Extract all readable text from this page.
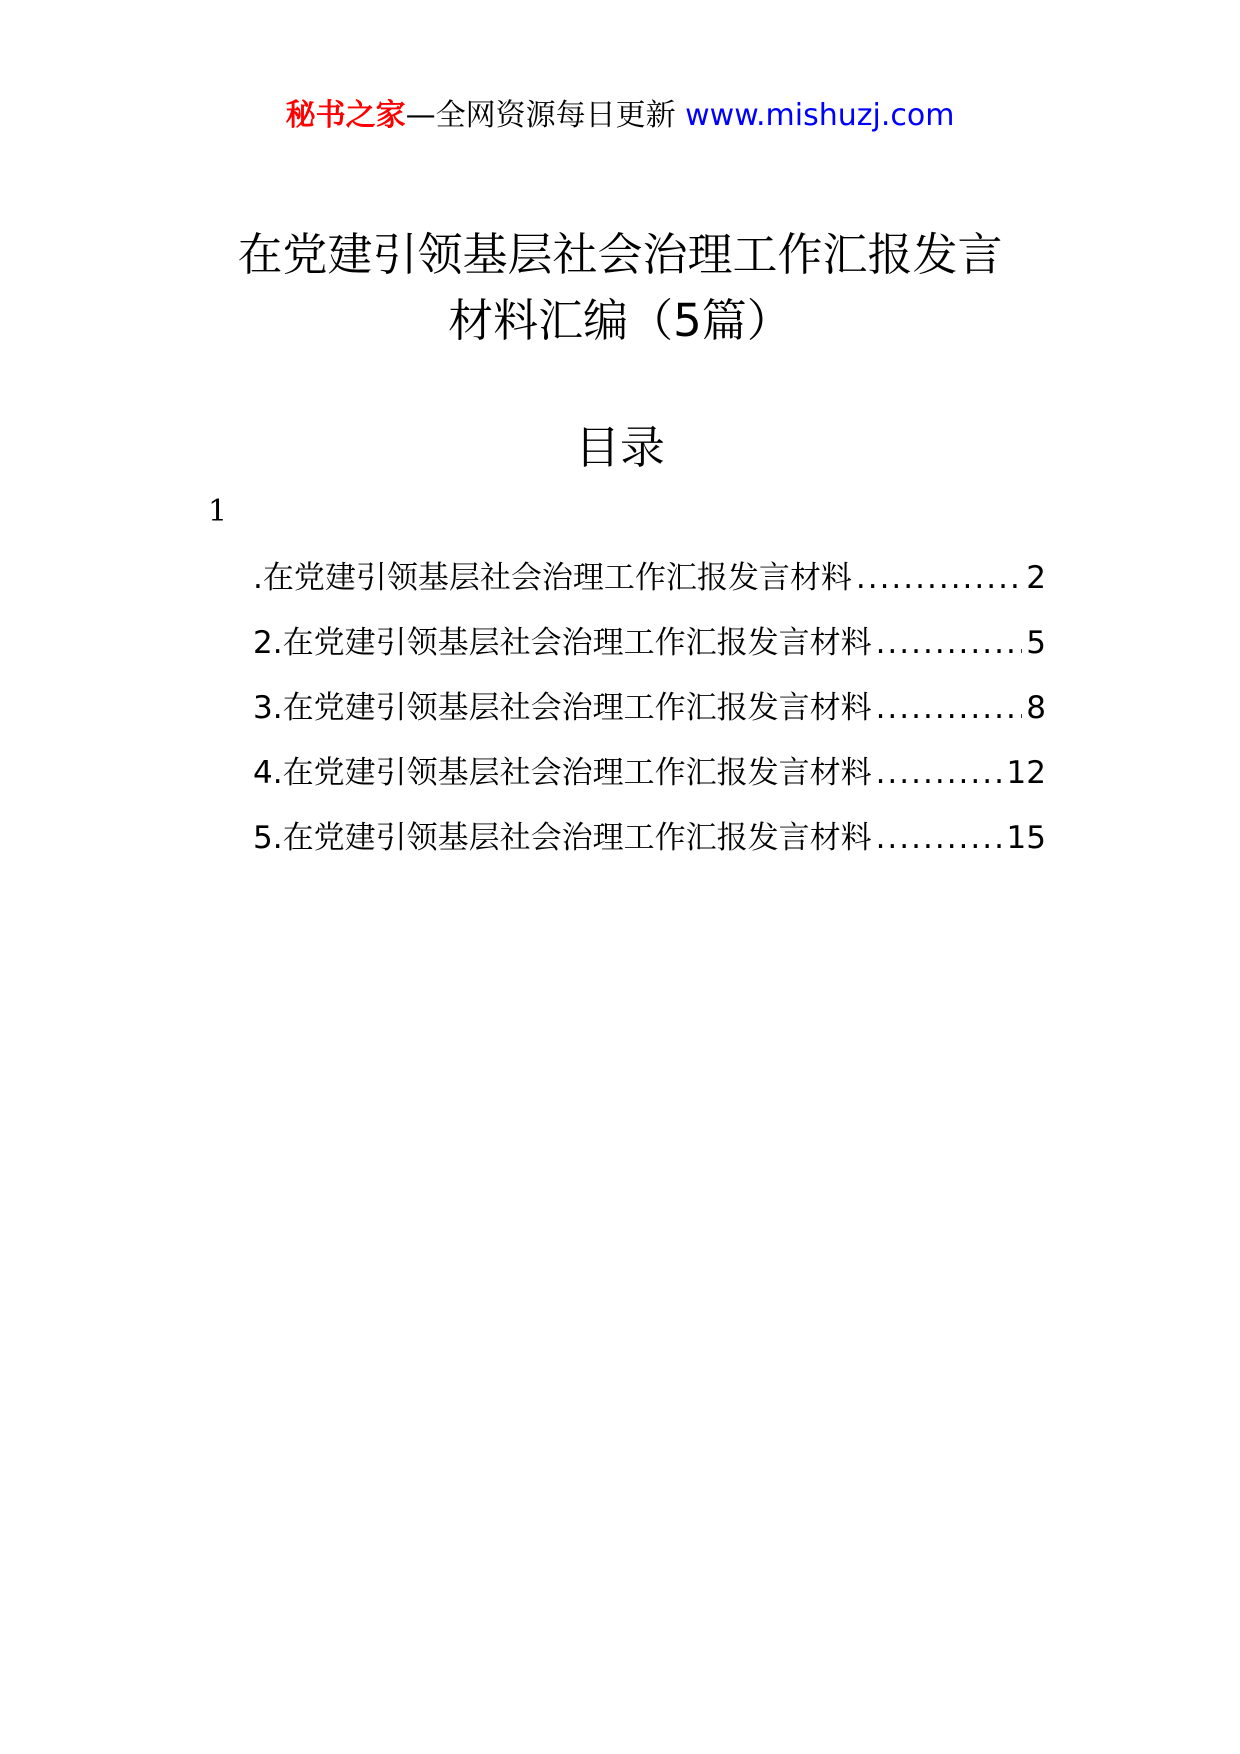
秘书之家—全网资源每日更新 www.mishuzj.com
在党建引领基层社会治理工作汇报发言
材料汇编（5篇）
目录
1
.在党建引领基层社会治理工作汇报发言材料 .....	2
2.在党建引领基层社会治理工作汇报发言材料 .....	5
3.在党建引领基层社会治理工作汇报发言材料 .....	8
4.在党建引领基层社会治理工作汇报发言材料 .....	12
5.在党建引领基层社会治理工作汇报发言材料 .....	15
